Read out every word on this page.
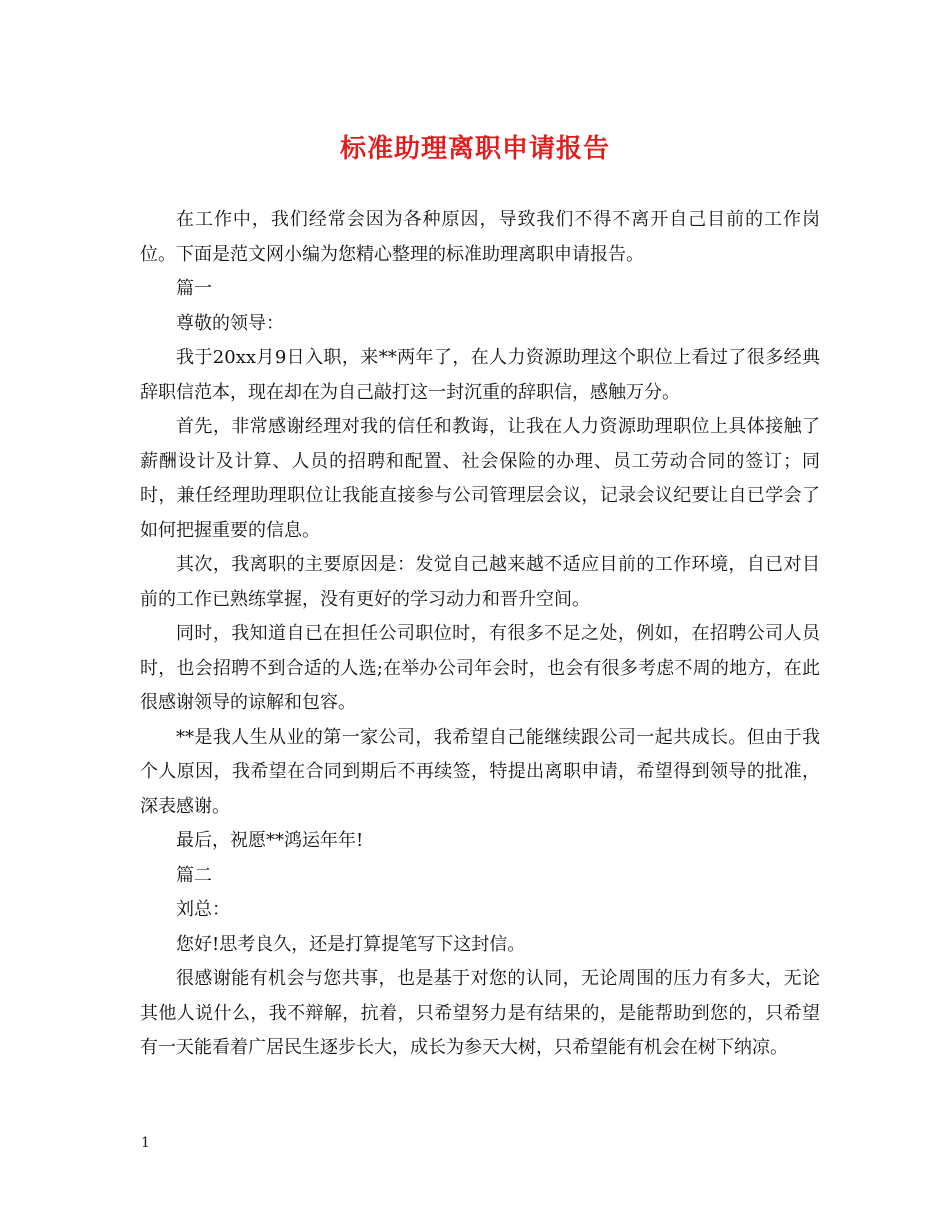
标准助理离职申请报告

在工作中，我们经常会因为各种原因，导致我们不得不离开自己目前的工作岗位。下面是范文网小编为您精心整理的标准助理离职申请报告。

篇一

尊敬的领导：

我于20xx月9日入职，来**两年了，在人力资源助理这个职位上看过了很多经典辞职信范本，现在却在为自己敲打这一封沉重的辞职信，感触万分。

首先，非常感谢经理对我的信任和教诲，让我在人力资源助理职位上具体接触了薪酬设计及计算、人员的招聘和配置、社会保险的办理、员工劳动合同的签订；同时，兼任经理助理职位让我能直接参与公司管理层会议，记录会议纪要让自已学会了如何把握重要的信息。

其次，我离职的主要原因是：发觉自己越来越不适应目前的工作环境，自已对目前的工作已熟练掌握，没有更好的学习动力和晋升空间。

同时，我知道自已在担任公司职位时，有很多不足之处，例如，在招聘公司人员时，也会招聘不到合适的人选;在举办公司年会时，也会有很多考虑不周的地方，在此很感谢领导的谅解和包容。

**是我人生从业的第一家公司，我希望自己能继续跟公司一起共成长。但由于我个人原因，我希望在合同到期后不再续签，特提出离职申请，希望得到领导的批准，深表感谢。

最后，祝愿**鸿运年年!

篇二

刘总：

您好!思考良久，还是打算提笔写下这封信。

很感谢能有机会与您共事，也是基于对您的认同，无论周围的压力有多大，无论其他人说什么，我不辩解，抗着，只希望努力是有结果的，是能帮助到您的，只希望有一天能看着广居民生逐步长大，成长为参天大树，只希望能有机会在树下纳凉。

1
